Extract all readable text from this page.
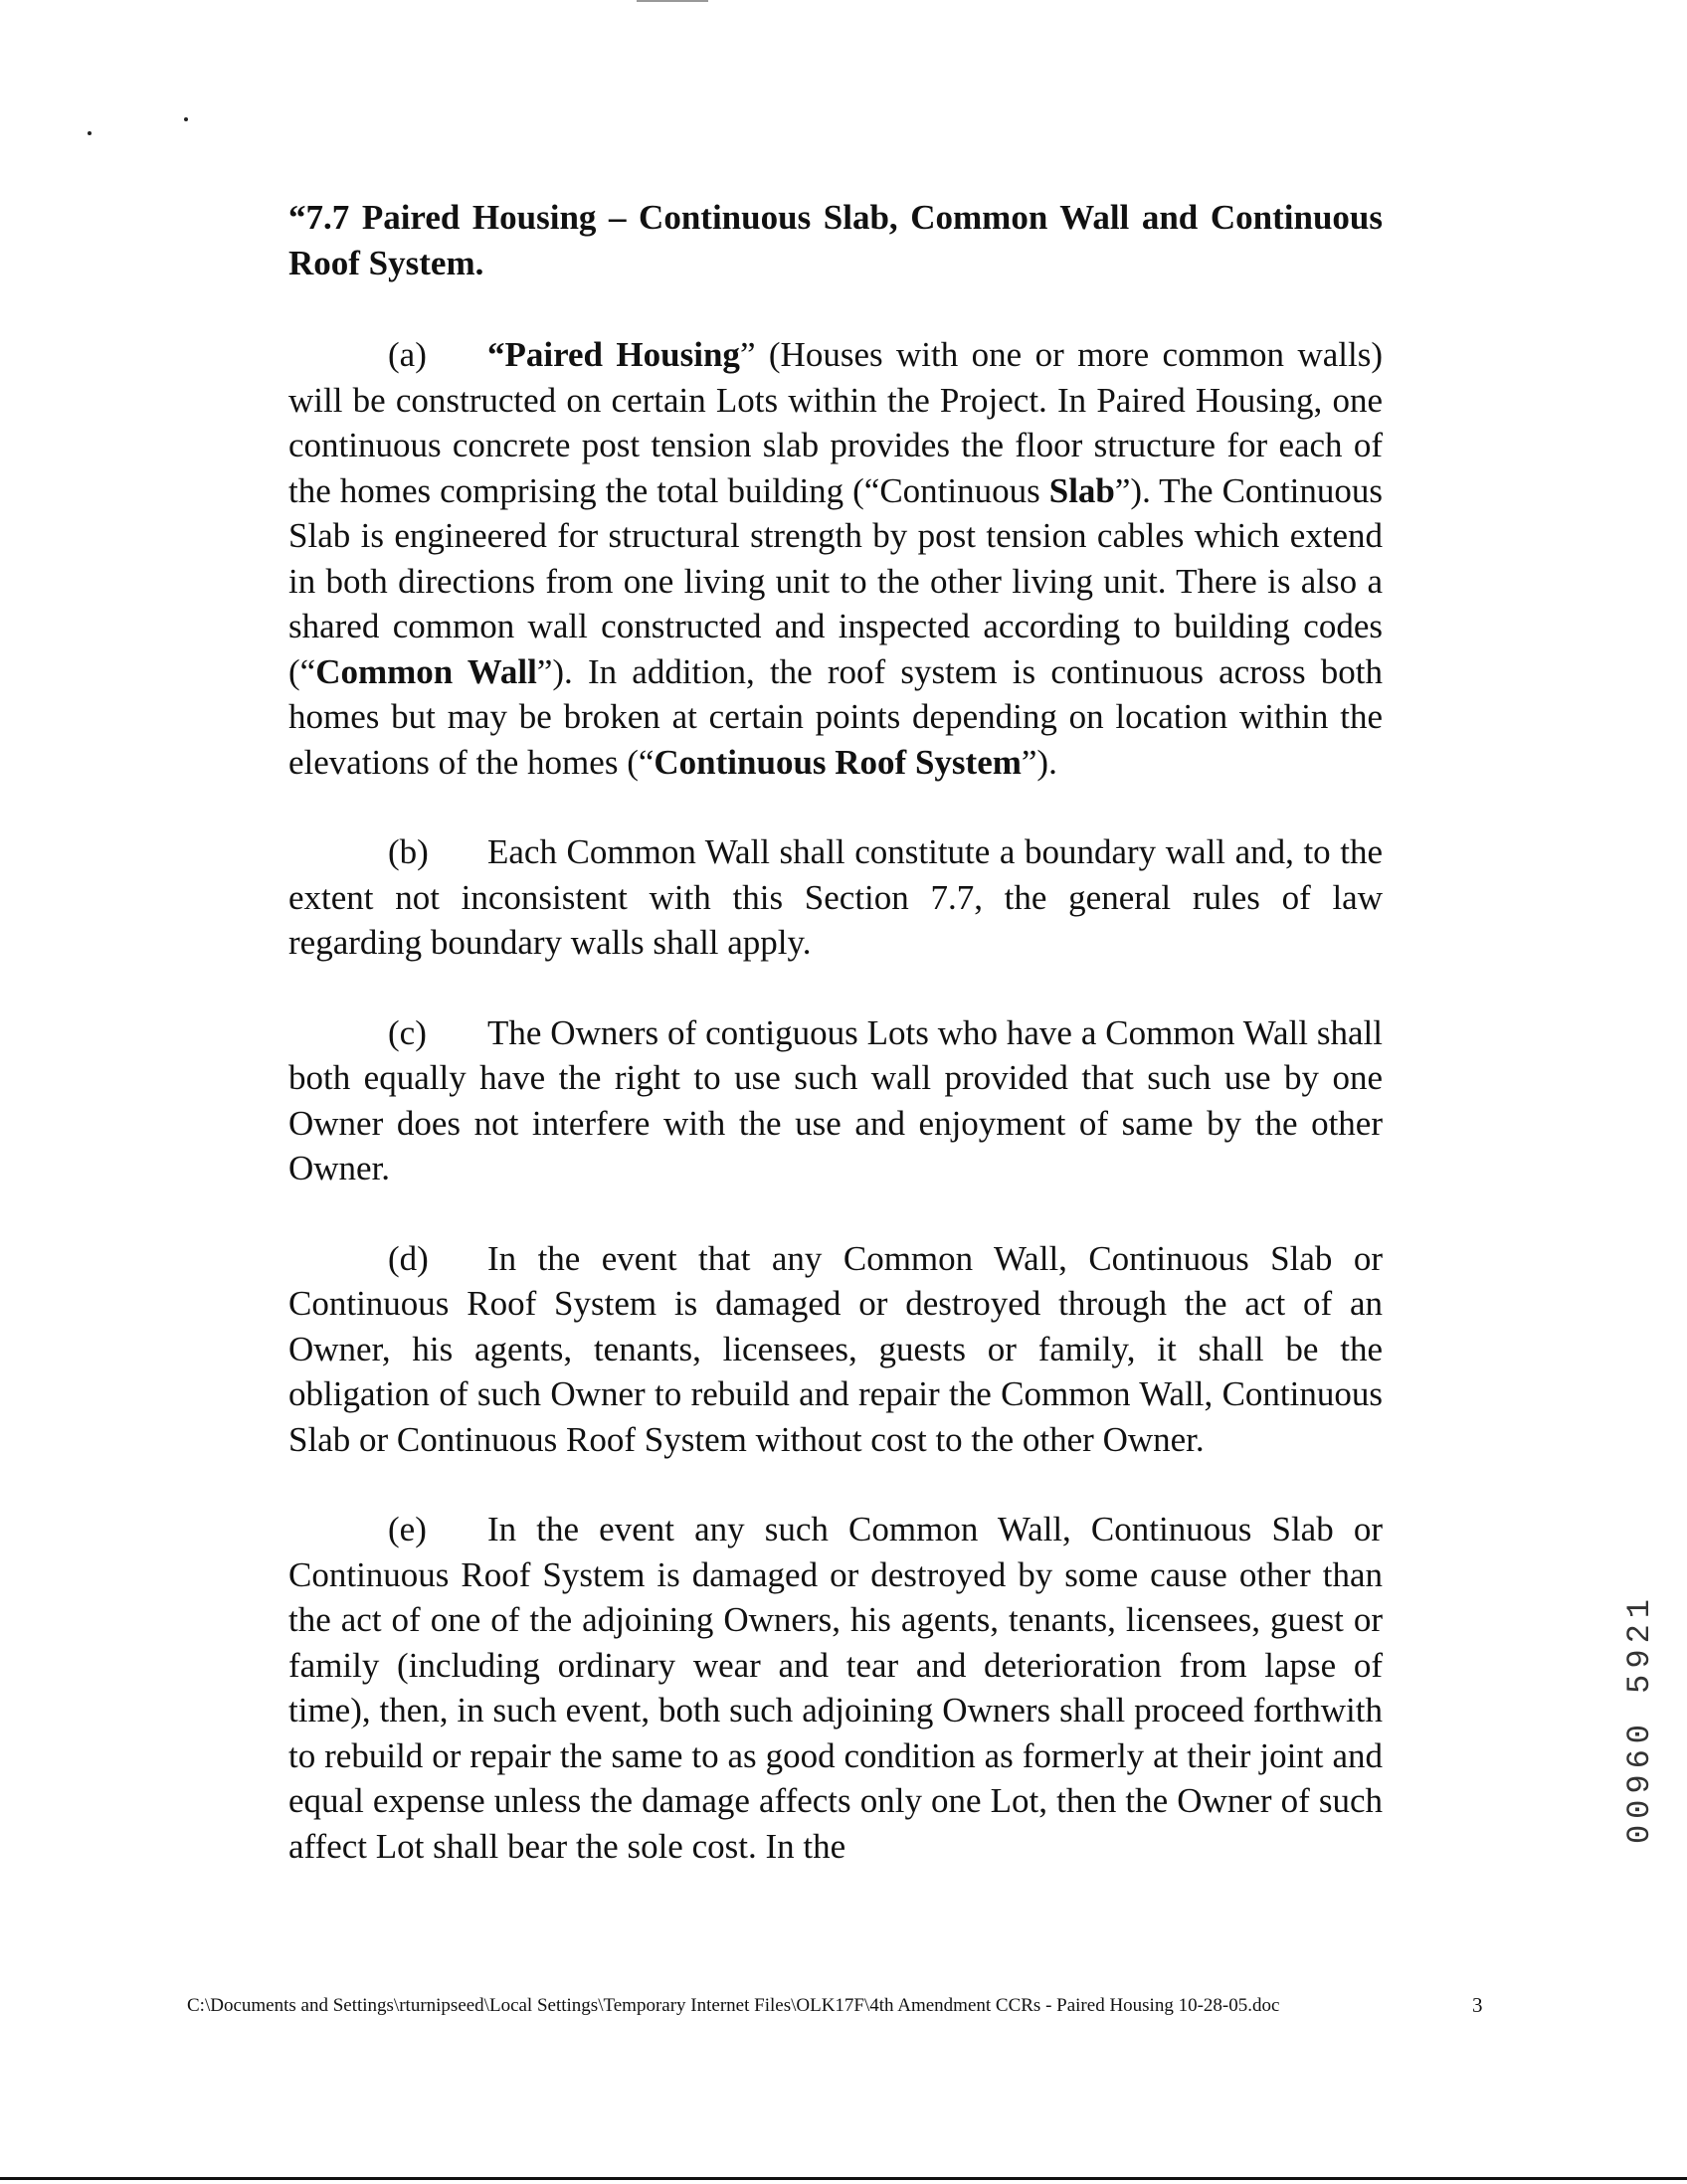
“7.7 Paired Housing – Continuous Slab, Common Wall and Continuous Roof System.

(a) “Paired Housing” (Houses with one or more common walls) will be constructed on certain Lots within the Project. In Paired Housing, one continuous concrete post tension slab provides the floor structure for each of the homes comprising the total building (“Continuous Slab”). The Continuous Slab is engineered for structural strength by post tension cables which extend in both directions from one living unit to the other living unit. There is also a shared common wall constructed and inspected according to building codes (“Common Wall”). In addition, the roof system is continuous across both homes but may be broken at certain points depending on location within the elevations of the homes (“Continuous Roof System”).

(b) Each Common Wall shall constitute a boundary wall and, to the extent not inconsistent with this Section 7.7, the general rules of law regarding boundary walls shall apply.

(c) The Owners of contiguous Lots who have a Common Wall shall both equally have the right to use such wall provided that such use by one Owner does not interfere with the use and enjoyment of same by the other Owner.

(d) In the event that any Common Wall, Continuous Slab or Continuous Roof System is damaged or destroyed through the act of an Owner, his agents, tenants, licensees, guests or family, it shall be the obligation of such Owner to rebuild and repair the Common Wall, Continuous Slab or Continuous Roof System without cost to the other Owner.

(e) In the event any such Common Wall, Continuous Slab or Continuous Roof System is damaged or destroyed by some cause other than the act of one of the adjoining Owners, his agents, tenants, licensees, guest or family (including ordinary wear and tear and deterioration from lapse of time), then, in such event, both such adjoining Owners shall proceed forthwith to rebuild or repair the same to as good condition as formerly at their joint and equal expense unless the damage affects only one Lot, then the Owner of such affect Lot shall bear the sole cost. In the

00960 5921
C:\Documents and Settings\rturnipseed\Local Settings\Temporary Internet Files\OLK17F\4th Amendment CCRs - Paired Housing 10-28-05.doc	3
